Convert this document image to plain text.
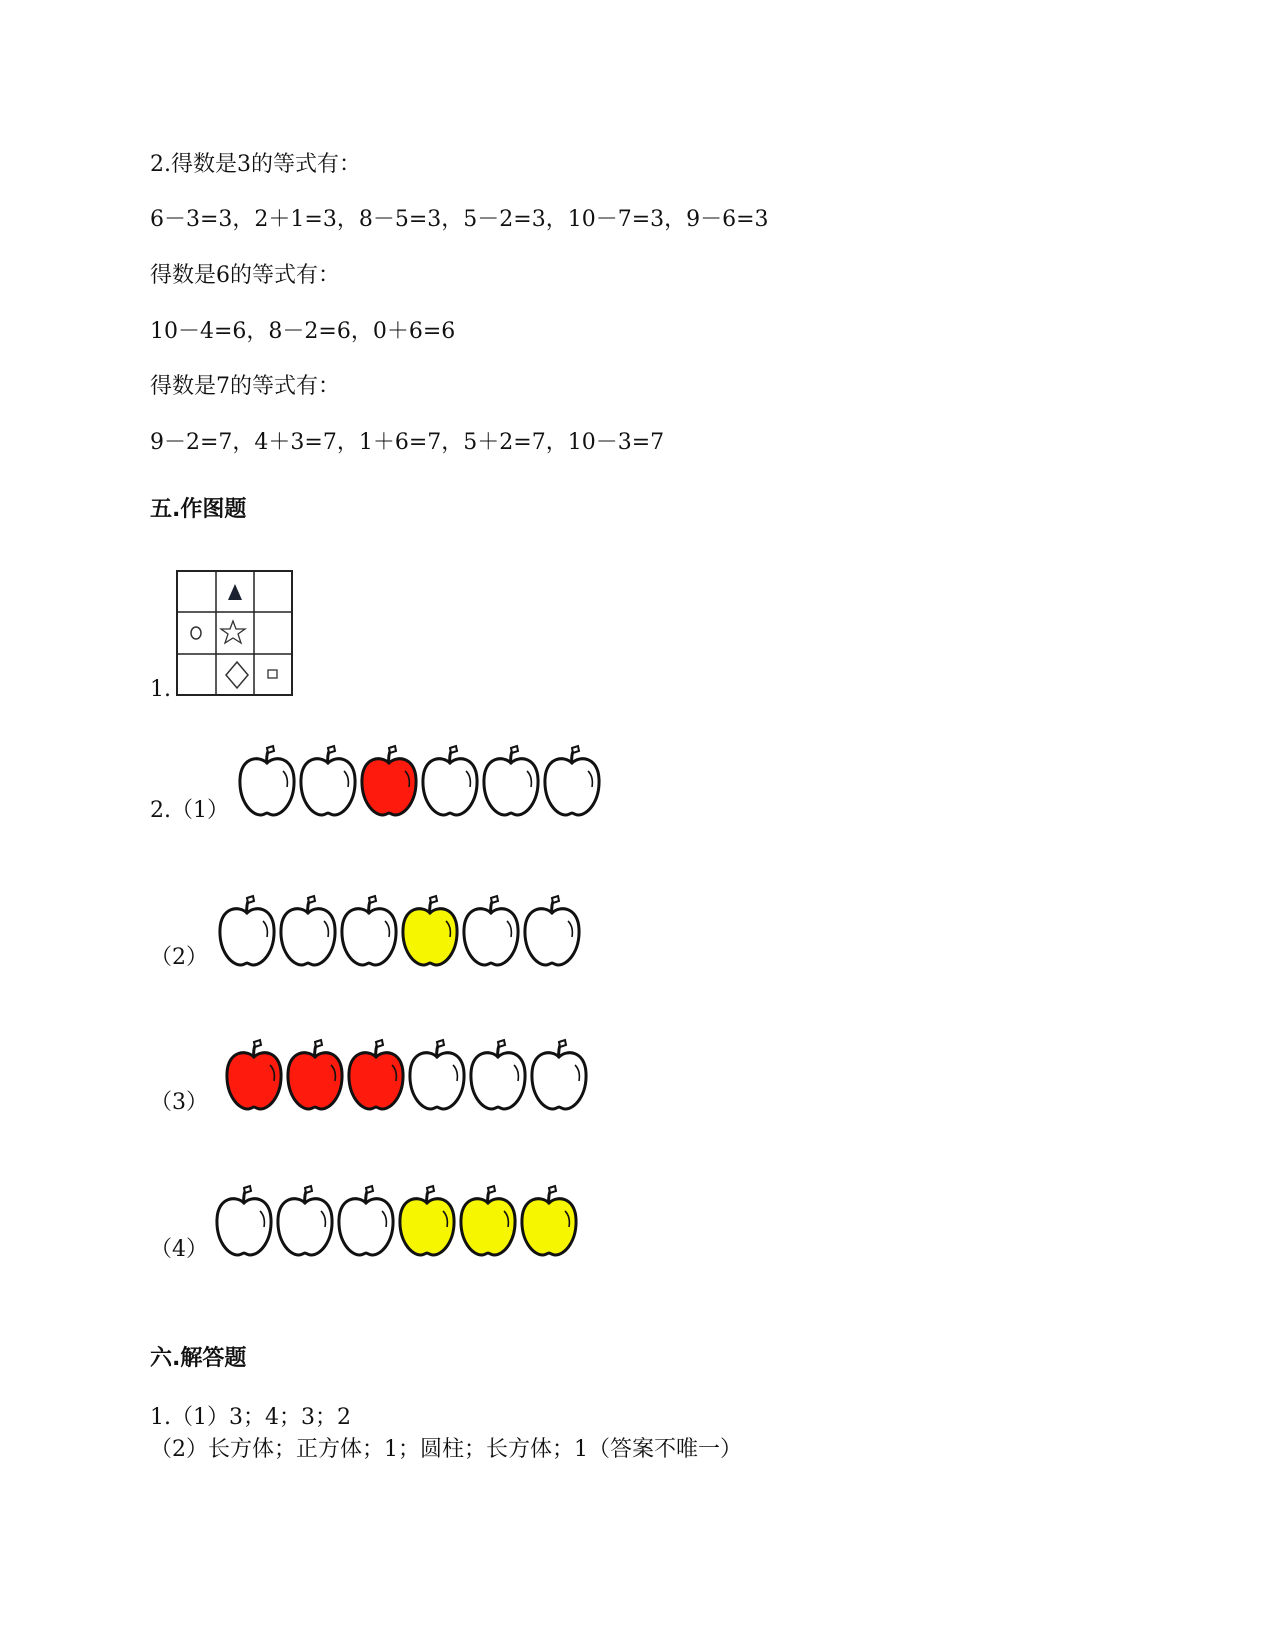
2.得数是3的等式有：
6－3=3，2＋1=3，8－5=3，5－2=3，10－7=3，9－6=3
得数是6的等式有：
10－4=6，8－2=6，0＋6=6
得数是7的等式有：
9－2=7，4＋3=7，1＋6=7，5＋2=7，10－3=7
五.作图题
1.
2.（1）
（2）
（3）
（4）
六.解答题
1.（1）3；4；3；2
（2）长方体；正方体；1；圆柱；长方体；1（答案不唯一）
